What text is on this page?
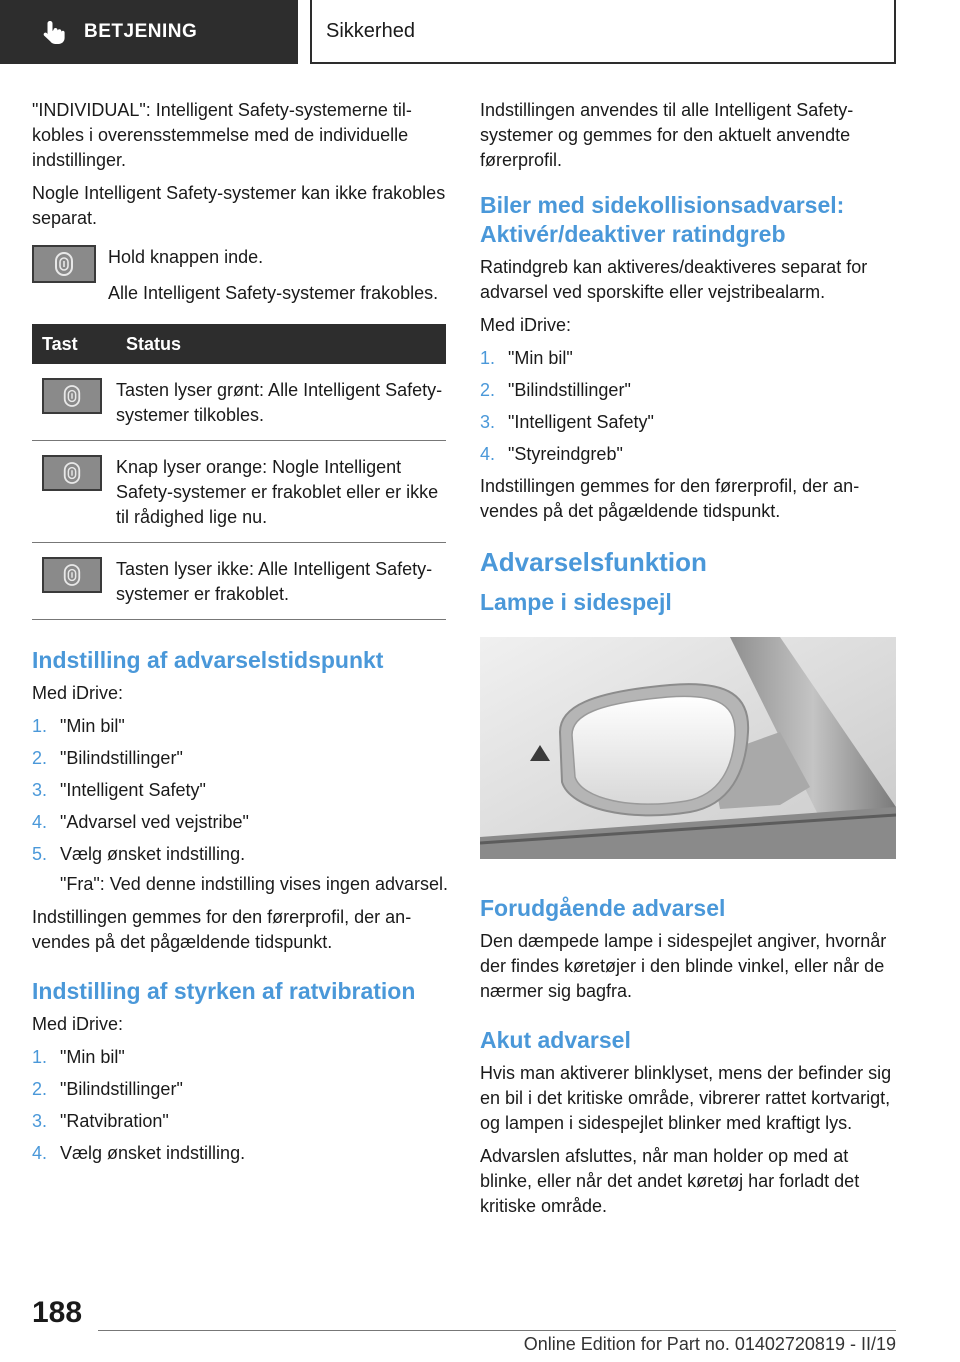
BETJENING	Sikkerhed

"INDIVIDUAL": Intelligent Safety-systemerne tilkobles i overensstemmelse med de individuelle indstillinger.

Nogle Intelligent Safety-systemer kan ikke frakobles separat.

Hold knappen inde.

Alle Intelligent Safety-systemer frakobles.

Tast	Status

	Tasten lyser grønt: Alle Intelligent Safety-systemer tilkobles.

	Knap lyser orange: Nogle Intelligent Safety-systemer er frakoblet eller er ikke til rådighed lige nu.

	Tasten lyser ikke: Alle Intelligent Safety-systemer er frakoblet.
Indstilling af advarselstidspunkt

Med iDrive:

1. "Min bil"
2. "Bilindstillinger"
3. "Intelligent Safety"
4. "Advarsel ved vejstribe"
5. Vælg ønsket indstilling.

"Fra": Ved denne indstilling vises ingen advarsel.

Indstillingen gemmes for den førerprofil, der anvendes på det pågældende tidspunkt.

Indstilling af styrken af ratvibration

Med iDrive:

1. "Min bil"
2. "Bilindstillinger"
3. "Ratvibration"
4. Vælg ønsket indstilling.

Indstillingen anvendes til alle Intelligent Safety-systemer og gemmes for den aktuelt anvendte førerprofil.

Biler med sidekollisionsadvarsel: Aktivér/deaktiver ratindgreb

Ratindgreb kan aktiveres/deaktiveres separat for advarsel ved sporskifte eller vejstribealarm.

Med iDrive:

1. "Min bil"
2. "Bilindstillinger"
3. "Intelligent Safety"
4. "Styreindgreb"

Indstillingen gemmes for den førerprofil, der anvendes på det pågældende tidspunkt.

Advarselsfunktion
Lampe i sidespejl
Forudgående advarsel

Den dæmpede lampe i sidespejlet angiver, hvornår der findes køretøjer i den blinde vinkel, eller når de nærmer sig bagfra.

Akut advarsel

Hvis man aktiverer blinklyset, mens der befinder sig en bil i det kritiske område, vibrerer rattet kortvarigt, og lampen i sidespejlet blinker med kraftigt lys.

Advarslen afsluttes, når man holder op med at blinke, eller når det andet køretøj har forladt det kritiske område.

188
Online Edition for Part no. 01402720819 - II/19
